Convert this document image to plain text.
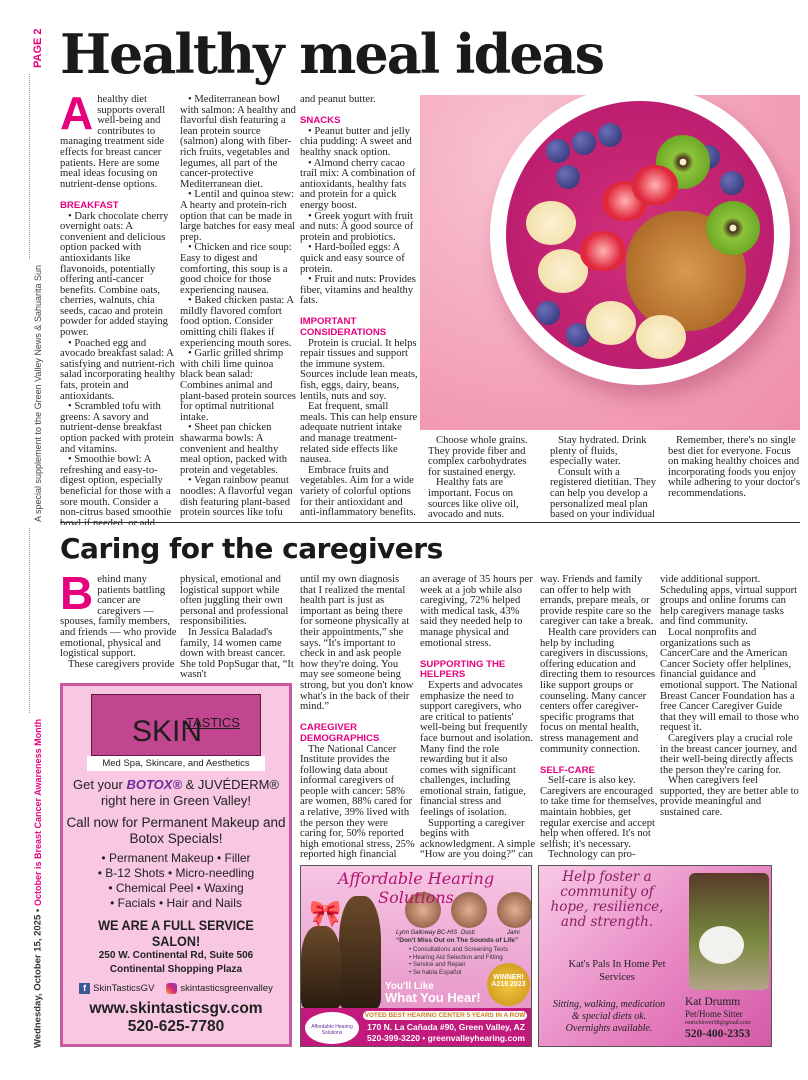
Wednesday, October 15, 2025 •

October is Breast Cancer Awareness Month
A special supplement to the Green Valley News & Sahuarita Sun
PAGE 2 Healthy meal ideas
A healthy diet supports overall well-being and contributes to managing treatment side effects for breast cancer patients. Here are some meal ideas focusing on nutrient-dense options.

BREAKFAST

• Dark chocolate cherry overnight oats: A convenient and delicious option packed with antioxidants like flavonoids, potentially offering anti-cancer benefits. Combine oats, cherries, walnuts, chia seeds, cacao and protein powder for added staying power.

• Poached egg and avocado breakfast salad: A satisfying and nutrient-rich salad incorporating healthy fats, protein and antioxidants.

• Scrambled tofu with greens: A savory and nutrient-dense breakfast option packed with protein and vitamins.

• Smoothie bowl: A refreshing and easy-to-digest option, especially beneficial for those with a sore mouth. Consider a non-citrus based smoothie

• Mediterranean bowl with salmon: A healthy and flavorful dish featuring a lean protein source (salmon) along with fiber-rich fruits, vegetables and legumes, all part of the cancer-protective Mediterranean diet.

• Lentil and quinoa stew: A hearty and protein-rich option that can be made in large batches for easy meal prep.

• Chicken and rice soup: Easy to digest and comforting, this soup is a good choice for those experiencing nausea.

• Baked chicken pasta: A mildly flavored comfort food option. Consider omitting chili flakes if experiencing mouth sores.

• Garlic grilled shrimp with chili lime quinoa black bean salad: Combines animal and plant-based protein sources for optimal nutritional intake.

• Sheet pan chicken shawarma bowls: A convenient and healthy meal option, packed with protein and vegetables.

• Vegan rainbow peanut noodles: A flavorful vegan dish featuring plant-based protein sources like tofu

and peanut butter.

SNACKS

• Peanut butter and jelly chia pudding: A sweet and healthy snack option.

• Almond cherry cacao trail mix: A combination of antioxidants, healthy fats and protein for a quick energy boost.

• Greek yogurt with fruit and nuts: A good source of protein and probiotics.

• Hard-boiled eggs: A quick and easy source of protein.

• Fruit and nuts: Provides fiber, vitamins and healthy fats.

IMPORTANT CONSIDERATIONS

Protein is crucial. It helps repair tissues and support the immune system. Sources include lean meats, fish, eggs, dairy, beans, lentils, nuts and soy.

Eat frequent, small meals. This can help ensure adequate nutrient intake and manage treatment-related side effects like nausea.

Embrace fruits and vegetables. Aim for a wide variety of colorful options for their antioxidant and anti-inflammatory benefits.

Choose whole grains. They provide fiber and complex carbohydrates for sustained energy.

Healthy fats are important. Focus on sources like olive oil, avocado and nuts.

Stay hydrated. Drink plenty of fluids, especially water.

Consult with a registered dietitian. They can help you develop a personalized meal plan based on your individual

Remember, there's no single best diet for everyone. Focus on making healthy choices and incorporating foods you enjoy while adhering to your doctor's recommendations.

Caring for the caregivers
B ehind many patients battling cancer are caregivers — spouses, family members, and friends — who provide emotional, physical and logistical support.

These caregivers provide

physical, emotional and logistical support while often juggling their own personal and professional responsibilities.

In Jessica Baladad's family, 14 women came down with breast cancer. She told PopSugar that, “It wasn't

until my own diagnosis that I realized the mental health part is just as important as being there for someone physically at their appointments,” she says. “It's important to check in and ask people how they're doing. You may see someone being strong, but you don't know what's in the back of their mind.”

CAREGIVER DEMOGRAPHICS

The National Cancer Institute provides the following data about informal caregivers of people with cancer: 58% are women, 88% cared for a relative, 39% lived with the person they were caring for, 50% reported high emotional stress, 25% reported high financial

an average of 35 hours per week at a job while also caregiving, 72% helped with medical task, 43% said they needed help to manage physical and emotional stress.

SUPPORTING THE HELPERS

Experts and advocates emphasize the need to support caregivers, who are critical to patients' well-being but frequently face burnout and isolation. Many find the role rewarding but it also comes with significant challenges, including emotional strain, fatigue, financial stress and feelings of isolation.

Supporting a caregiver begins with acknowledgment. A simple “How are you doing?” can

way. Friends and family can offer to help with errands, prepare meals, or provide respite care so the caregiver can take a break.

Health care providers can help by including caregivers in discussions, offering education and directing them to resources like support groups or counseling. Many cancer centers offer caregiver-specific programs that focus on mental health, stress management and community connection.

SELF-CARE

Self-care is also key. Caregivers are encouraged to take time for themselves, maintain hobbies, get regular exercise and accept help when offered. It's not selfish; it's necessary.

Technology can pro-

vide additional support. Scheduling apps, virtual support groups and online forums can help caregivers manage tasks and find community.

Local nonprofits and organizations such as CancerCare and the American Cancer Society offer helplines, financial guidance and emotional support. The National Breast Cancer Foundation has a free Cancer Caregiver Guide that they will email to those who request it.

Caregivers play a crucial role in the breast cancer journey, and their well-being directly affects the person they're caring for.

When caregivers feel supported, they are better able to provide meaningful and sustained care.

SKIN
TASTICS
Med Spa, Skincare, and Aesthetics
Get your BOTOX® & JUVÉDERM®
right here in Green Valley!
Call now for Permanent Makeup and Botox Specials!
• Permanent Makeup • Filler
• B-12 Shots • Micro-needling
• Chemical Peel • Waxing
• Facials • Hair and Nails
WE ARE A FULL SERVICE SALON!
250 W. Continental Rd, Suite 506
Continental Shopping Plaza
f SkinTasticsGV	skintasticsgreenvalley
www.skintasticsgv.com
520-625-7780
Affordable Hearing Solutions
🎀
Lynn Galloway BC-HIS Dusti	Jami
“Don't Miss Out on The Sounds of Life”
• Consultations and Screening Tests
• Hearing Aid Selection and Fitting
• Service and Repair
• Se habla Español
WINNER! A219 2023
You'll Like
What You Hear!
Affordable Hearing Solutions
VOTED BEST HEARING CENTER 5 YEARS IN A ROW
170 N. La Cañada #90, Green Valley, AZ
520-399-3220 • greenvalleyhearing.com
Help foster a community of hope, resilience, and strength.
Kat's Pals In Home Pet Services
Sitting, walking, medication & special diets ok. Overnights available.
Kat Drumm
Pet/Home Sitter
ostrichlover58@gmail.com
520-400-2353
